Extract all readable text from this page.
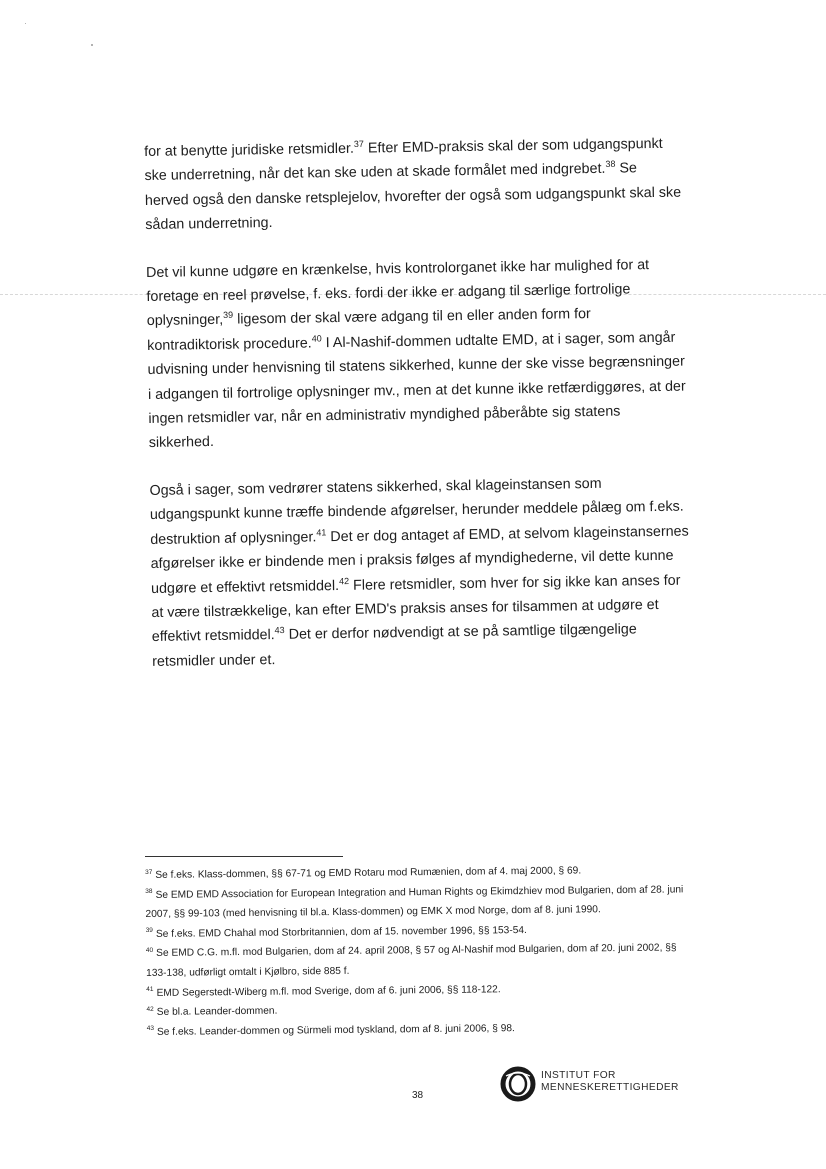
for at benytte juridiske retsmidler.$^{37}$ Efter EMD-praksis skal der som udgangspunkt ske underretning, når det kan ske uden at skade formålet med indgrebet.$^{38}$ Se herved også den danske retsplejelov, hvorefter der også som udgangspunkt skal ske sådan underretning.

Det vil kunne udgøre en krænkelse, hvis kontrolorganet ikke har mulighed for at foretage en reel prøvelse, f. eks. fordi der ikke er adgang til særlige fortrolige oplysninger,$^{39}$ ligesom der skal være adgang til en eller anden form for kontradiktorisk procedure.$^{40}$ I Al-Nashif-dommen udtalte EMD, at i sager, som angår udvisning under henvisning til statens sikkerhed, kunne der ske visse begrænsninger i adgangen til fortrolige oplysninger mv., men at det kunne ikke retfærdiggøres, at der ingen retsmidler var, når en administrativ myndighed påberåbte sig statens sikkerhed.

Også i sager, som vedrører statens sikkerhed, skal klageinstansen som udgangspunkt kunne træffe bindende afgørelser, herunder meddele pålæg om f.eks. destruktion af oplysninger.$^{41}$ Det er dog antaget af EMD, at selvom klageinstansernes afgørelser ikke er bindende men i praksis følges af myndighederne, vil dette kunne udgøre et effektivt retsmiddel.$^{42}$ Flere retsmidler, som hver for sig ikke kan anses for at være tilstrækkelige, kan efter EMD's praksis anses for tilsammen at udgøre et effektivt retsmiddel.$^{43}$ Det er derfor nødvendigt at se på samtlige tilgængelige retsmidler under et.

$^{37}$ Se f.eks. Klass-dommen, §§ 67-71 og EMD Rotaru mod Rumænien, dom af 4. maj 2000, § 69.

$^{38}$ Se EMD EMD Association for European Integration and Human Rights og Ekimdzhiev mod Bulgarien, dom af 28. juni 2007, §§ 99-103 (med henvisning til bl.a. Klass-dommen) og EMK X mod Norge, dom af 8. juni 1990.

$^{39}$ Se f.eks. EMD Chahal mod Storbritannien, dom af 15. november 1996, §§ 153-54.

$^{40}$ Se EMD C.G. m.fl. mod Bulgarien, dom af 24. april 2008, § 57 og Al-Nashif mod Bulgarien, dom af 20. juni 2002, §§ 133-138, udførligt omtalt i Kjølbro, side 885 f.

$^{41}$ EMD Segerstedt-Wiberg m.fl. mod Sverige, dom af 6. juni 2006, §§ 118-122.

$^{42}$ Se bl.a. Leander-dommen.

$^{43}$ Se f.eks. Leander-dommen og Sürmeli mod tyskland, dom af 8. juni 2006, § 98.

38
INSTITUT FOR
MENNESKERETTIGHEDER
